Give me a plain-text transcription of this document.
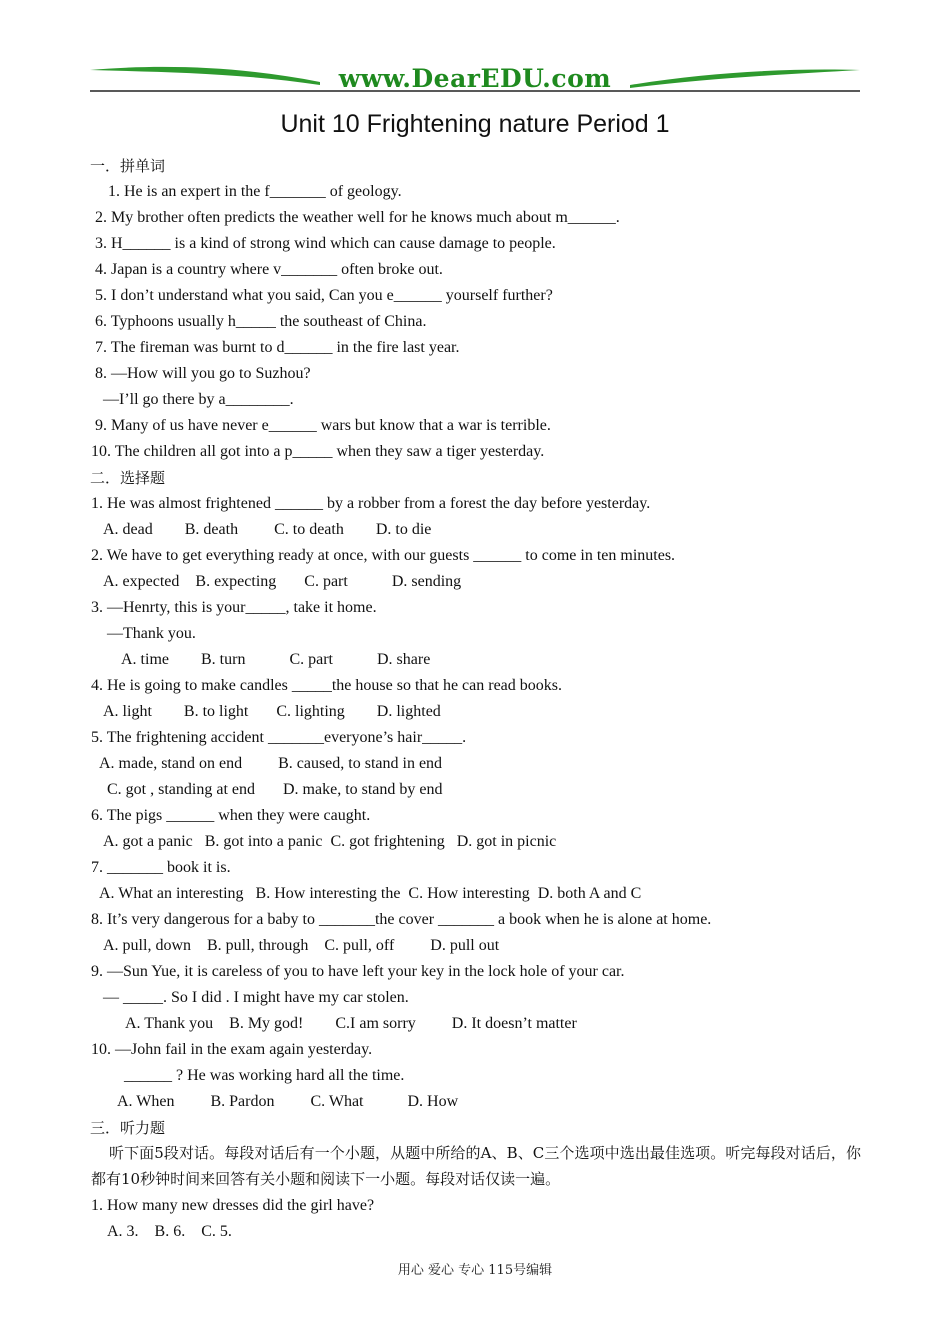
www.DearEDU.com
Unit 10 Frightening nature Period 1
一．拼单词
1. He is an expert in the f_______ of geology.
2. My brother often predicts the weather well for he knows much about m______.
3. H______ is a kind of strong wind which can cause damage to people.
4. Japan is a country where v_______ often broke out.
5. I don’t understand what you said, Can you e______ yourself further?
6. Typhoons usually h_____ the southeast of China.
7. The fireman was burnt to d______ in the fire last year.
8. —How will you go to Suzhou?
—I’ll go there by a________.
9. Many of us have never e______ wars but know that a war is terrible.
10. The children all got into a p_____ when they saw a tiger yesterday.
二．选择题
1. He was almost frightened ______ by a robber from a forest the day before yesterday.
A. dead        B. death         C. to death        D. to die
2. We have to get everything ready at once, with our guests ______ to come in ten minutes.
A. expected    B. expecting       C. part           D. sending
3. —Henrty, this is your_____, take it home.
—Thank you.
A. time        B. turn           C. part           D. share
4. He is going to make candles _____the house so that he can read books.
A. light        B. to light       C. lighting        D. lighted
5. The frightening accident _______everyone’s hair_____.
A. made, stand on end         B. caused, to stand in end
C. got , standing at end       D. make, to stand by end
6. The pigs ______ when they were caught.
A. got a panic   B. got into a panic  C. got frightening   D. got in picnic
7. _______ book it is.
A. What an interesting   B. How interesting the  C. How interesting  D. both A and C
8. It’s very dangerous for a baby to _______the cover _______ a book when he is alone at home.
A. pull, down    B. pull, through    C. pull, off         D. pull out
9. —Sun Yue, it is careless of you to have left your key in the lock hole of your car.
— _____. So I did . I might have my car stolen.
A. Thank you    B. My god!        C.I am sorry         D. It doesn’t matter
10. —John fail in the exam again yesterday.
______ ? He was working hard all the time.
A. When         B. Pardon         C. What           D. How
三．听力题
听下面5段对话。每段对话后有一个小题，从题中所给的A、B、C三个选项中选出最佳选项。听完每段对话后，你都有10秒钟时间来回答有关小题和阅读下一小题。每段对话仅读一遍。
1. How many new dresses did the girl have?
A. 3.    B. 6.    C. 5.
用心 爱心 专心 115号编辑
